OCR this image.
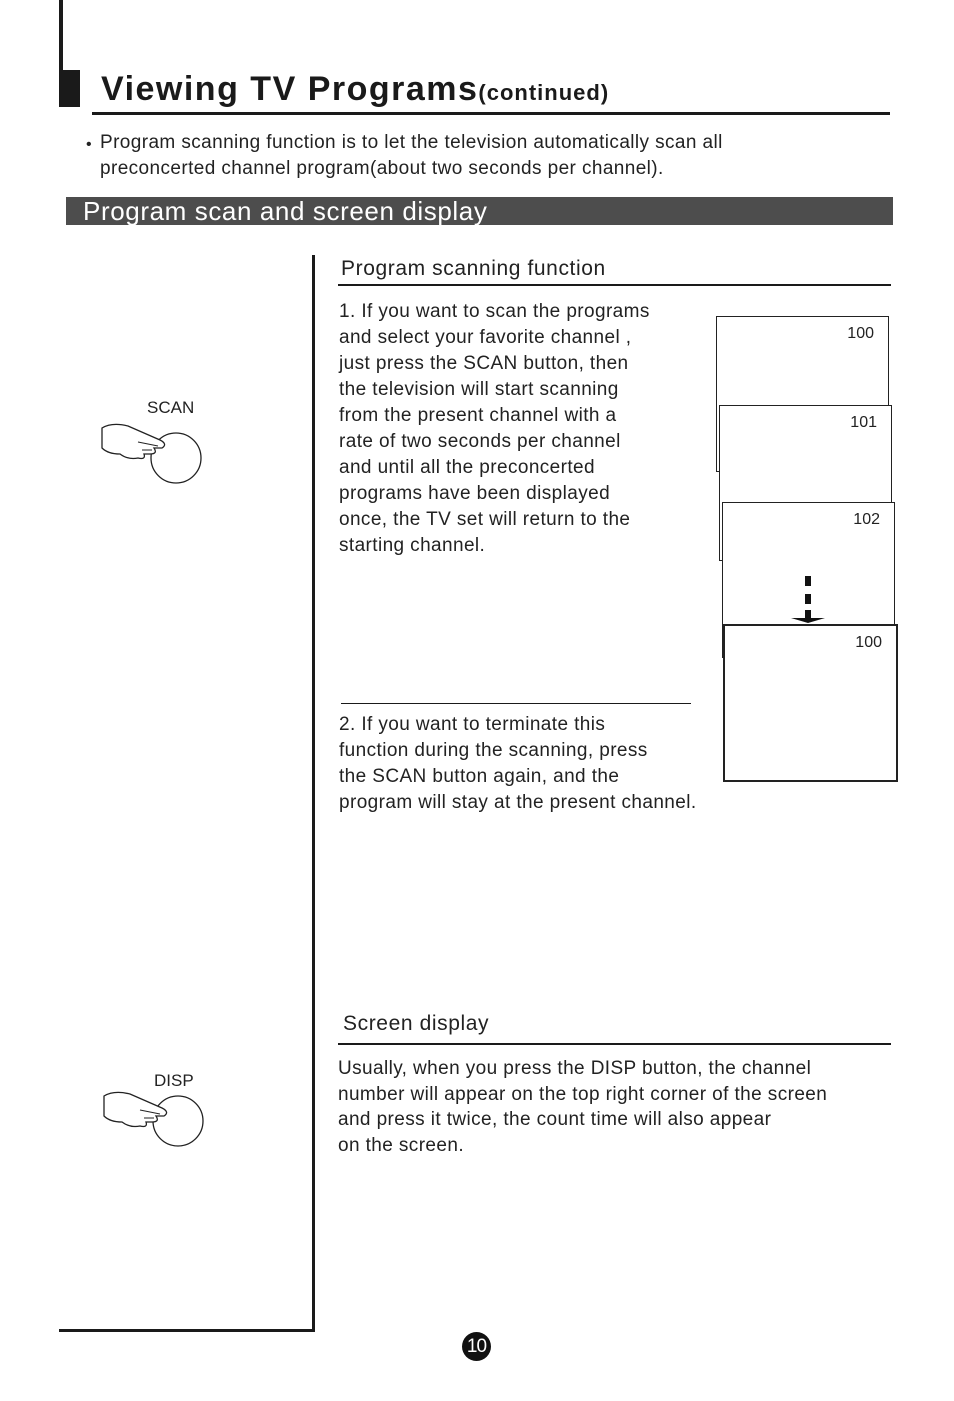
Viewing TV Programs(continued)
• Program scanning function is to let the television automatically scan all
preconcerted channel program(about two seconds per channel).
Program scan and screen display
SCAN
Program scanning function
1. If you want to scan the programs
and select your favorite channel ,
just press the SCAN button, then
the television will start scanning
from the present channel with a
rate of two seconds per channel
and until all the preconcerted
programs have been displayed
once, the TV set will return to the
starting channel.
2. If you want to terminate this
function during the scanning, press
the SCAN button again, and the
program will stay at the present channel.
100
101
102
100
DISP
Screen display
Usually, when you press the DISP button, the channel
number will appear on the top right corner of the screen
and press it twice, the count time will also appear
on the screen.
10
